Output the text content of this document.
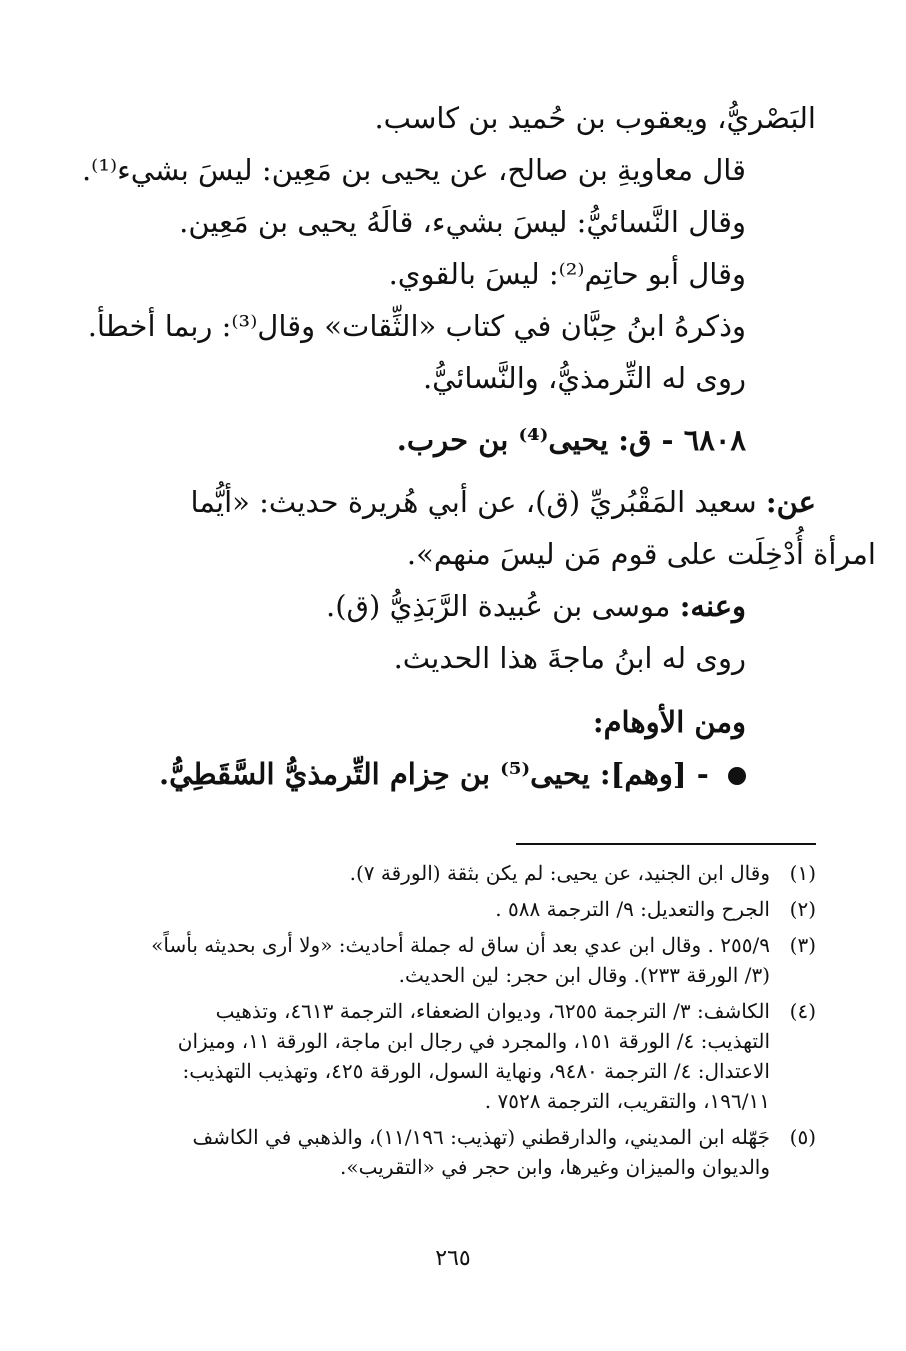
البَصْريُّ، ويعقوب بن حُميد بن كاسب.
قال معاويةِ بن صالح، عن يحيى بن مَعِين: ليسَ بشيء⁽¹⁾.
وقال النَّسائيُّ: ليسَ بشيء، قالَهُ يحيى بن مَعِين.
وقال أبو حاتِم⁽²⁾: ليسَ بالقوي.
وذكرهُ ابنُ حِبَّان في كتاب «الثِّقات» وقال⁽³⁾: ربما أخطأ.
روى له التِّرمذيُّ، والنَّسائيُّ.
٦٨٠٨ - ق: يحيى⁽⁴⁾ بن حرب.
عن: سعيد المَقْبُريِّ (ق)، عن أبي هُريرة حديث: «أيُّما
امرأة أُدْخِلَت على قوم مَن ليسَ منهم».
وعنه: موسى بن عُبيدة الرَّبَذِيُّ (ق).
روى له ابنُ ماجةَ هذا الحديث.
ومن الأوهام:
- [وهم]: يحيى⁽⁵⁾ بن حِزام التِّرمذيُّ السَّقَطِيُّ.
(١)
وقال ابن الجنيد، عن يحيى: لم يكن بثقة (الورقة ٧).
(٢)
الجرح والتعديل: ٩/ الترجمة ٥٨٨ .
(٣)
٢٥٥/٩ . وقال ابن عدي بعد أن ساق له جملة أحاديث: «ولا أرى بحديثه بأساً»
(٣/ الورقة ٢٣٣). وقال ابن حجر: لين الحديث.
(٤)
الكاشف: ٣/ الترجمة ٦٢٥٥، وديوان الضعفاء، الترجمة ٤٦١٣، وتذهيب
التهذيب: ٤/ الورقة ١٥١، والمجرد في رجال ابن ماجة، الورقة ١١، وميزان
الاعتدال: ٤/ الترجمة ٩٤٨٠، ونهاية السول، الورقة ٤٢٥، وتهذيب التهذيب:
١٩٦/١١، والتقريب، الترجمة ٧٥٢٨ .
(٥)
جَهّله ابن المديني، والدارقطني (تهذيب: ١١/١٩٦)، والذهبي في الكاشف
والديوان والميزان وغيرها، وابن حجر في «التقريب».
٢٦٥
